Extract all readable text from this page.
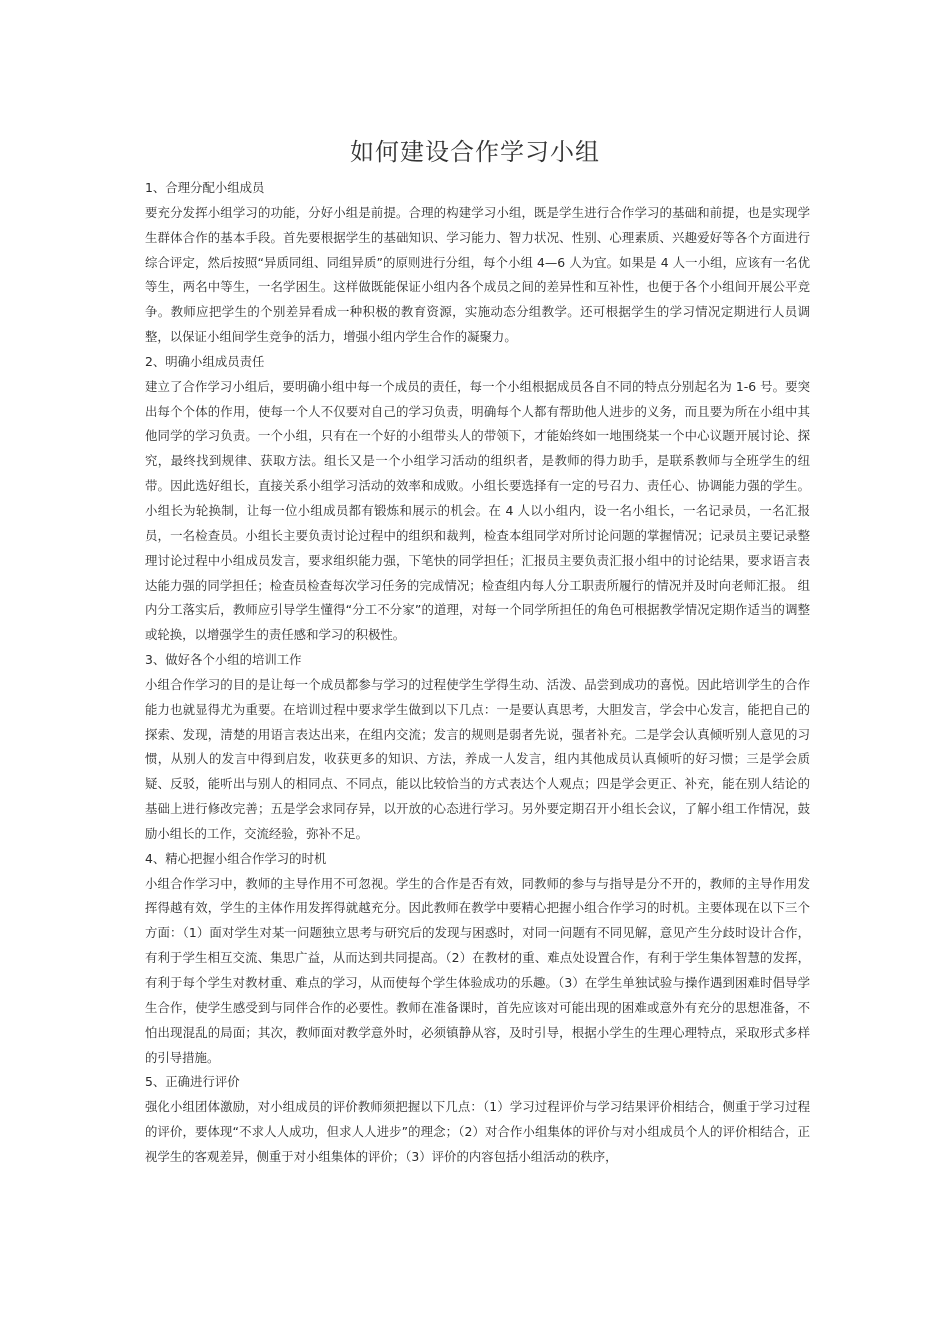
如何建设合作学习小组

1、合理分配小组成员

要充分发挥小组学习的功能，分好小组是前提。合理的构建学习小组，既是学生进行合作学习的基础和前提，也是实现学生群体合作的基本手段。首先要根据学生的基础知识、学习能力、智力状况、性别、心理素质、兴趣爱好等各个方面进行综合评定，然后按照“异质同组、同组异质”的原则进行分组，每个小组 4—6 人为宜。如果是 4 人一小组，应该有一名优等生，两名中等生，一名学困生。这样做既能保证小组内各个成员之间的差异性和互补性，也便于各个小组间开展公平竞争。教师应把学生的个别差异看成一种积极的教育资源，实施动态分组教学。还可根据学生的学习情况定期进行人员调整，以保证小组间学生竞争的活力，增强小组内学生合作的凝聚力。

2、明确小组成员责任

建立了合作学习小组后，要明确小组中每一个成员的责任，每一个小组根据成员各自不同的特点分别起名为 1-6 号。要突出每个个体的作用，使每一个人不仅要对自己的学习负责，明确每个人都有帮助他人进步的义务，而且要为所在小组中其他同学的学习负责。一个小组，只有在一个好的小组带头人的带领下，才能始终如一地围绕某一个中心议题开展讨论、探究，最终找到规律、获取方法。组长又是一个小组学习活动的组织者，是教师的得力助手，是联系教师与全班学生的纽带。因此选好组长，直接关系小组学习活动的效率和成败。小组长要选择有一定的号召力、责任心、协调能力强的学生。小组长为轮换制，让每一位小组成员都有锻炼和展示的机会。在 4 人以小组内，设一名小组长，一名记录员，一名汇报员，一名检查员。小组长主要负责讨论过程中的组织和裁判，检查本组同学对所讨论问题的掌握情况；记录员主要记录整理讨论过程中小组成员发言，要求组织能力强，下笔快的同学担任；汇报员主要负责汇报小组中的讨论结果，要求语言表达能力强的同学担任；检查员检查每次学习任务的完成情况；检查组内每人分工职责所履行的情况并及时向老师汇报。 组内分工落实后，教师应引导学生懂得“分工不分家”的道理，对每一个同学所担任的角色可根据教学情况定期作适当的调整或轮换，以增强学生的责任感和学习的积极性。

3、做好各个小组的培训工作

小组合作学习的目的是让每一个成员都参与学习的过程使学生学得生动、活泼、品尝到成功的喜悦。因此培训学生的合作能力也就显得尤为重要。在培训过程中要求学生做到以下几点：一是要认真思考，大胆发言，学会中心发言，能把自己的探索、发现，清楚的用语言表达出来，在组内交流；发言的规则是弱者先说，强者补充。二是学会认真倾听别人意见的习惯，从别人的发言中得到启发，收获更多的知识、方法，养成一人发言，组内其他成员认真倾听的好习惯；三是学会质疑、反驳，能听出与别人的相同点、不同点，能以比较恰当的方式表达个人观点；四是学会更正、补充，能在别人结论的基础上进行修改完善；五是学会求同存异，以开放的心态进行学习。另外要定期召开小组长会议，了解小组工作情况，鼓励小组长的工作，交流经验，弥补不足。

4、精心把握小组合作学习的时机

小组合作学习中，教师的主导作用不可忽视。学生的合作是否有效，同教师的参与与指导是分不开的，教师的主导作用发挥得越有效，学生的主体作用发挥得就越充分。因此教师在教学中要精心把握小组合作学习的时机。主要体现在以下三个方面：（1）面对学生对某一问题独立思考与研究后的发现与困惑时，对同一问题有不同见解，意见产生分歧时设计合作，有利于学生相互交流、集思广益，从而达到共同提高。（2）在教材的重、难点处设置合作，有利于学生集体智慧的发挥，有利于每个学生对教材重、难点的学习，从而使每个学生体验成功的乐趣。（3）在学生单独试验与操作遇到困难时倡导学生合作，使学生感受到与同伴合作的必要性。教师在准备课时，首先应该对可能出现的困难或意外有充分的思想准备，不怕出现混乱的局面；其次，教师面对教学意外时，必须镇静从容，及时引导，根据小学生的生理心理特点，采取形式多样的引导措施。

5、正确进行评价

强化小组团体激励，对小组成员的评价教师须把握以下几点：（1）学习过程评价与学习结果评价相结合，侧重于学习过程的评价，要体现“不求人人成功，但求人人进步”的理念；（2）对合作小组集体的评价与对小组成员个人的评价相结合，正视学生的客观差异，侧重于对小组集体的评价；（3）评价的内容包括小组活动的秩序，
